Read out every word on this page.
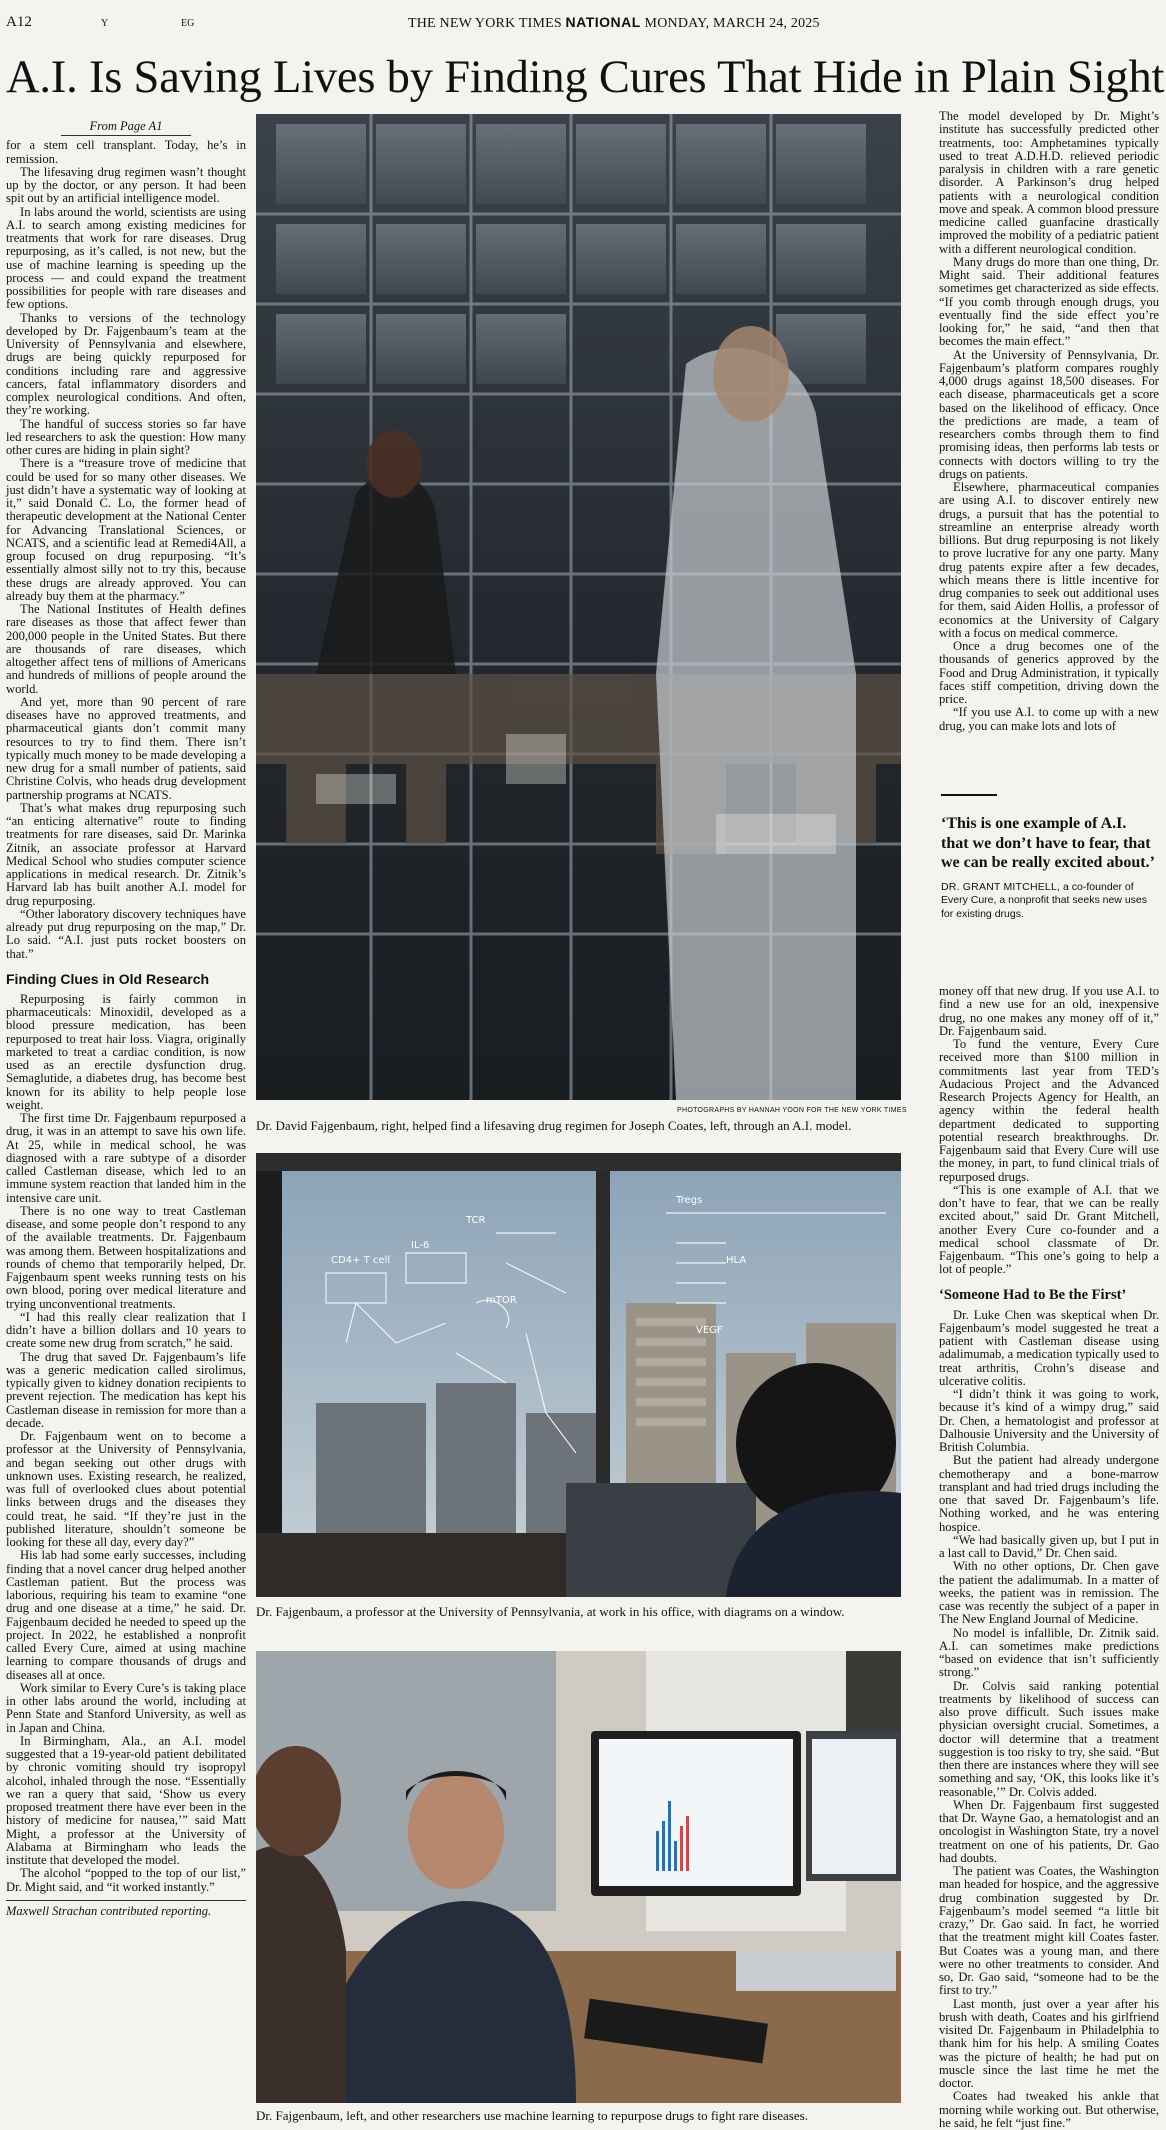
A12	Y	EG	THE NEW YORK TIMES NATIONAL MONDAY, MARCH 24, 2025
A.I. Is Saving Lives by Finding Cures That Hide in Plain Sight
From Page A1

for a stem cell transplant. Today, he’s in remission.

The lifesaving drug regimen wasn’t thought up by the doctor, or any person. It had been spit out by an artificial intelligence model.

In labs around the world, scientists are using A.I. to search among existing medicines for treatments that work for rare diseases. Drug repurposing, as it’s called, is not new, but the use of machine learning is speeding up the process — and could expand the treatment possibilities for people with rare diseases and few options.

Thanks to versions of the technology developed by Dr. Fajgenbaum’s team at the University of Pennsylvania and elsewhere, drugs are being quickly repurposed for conditions including rare and aggressive cancers, fatal inflammatory disorders and complex neurological conditions. And often, they’re working.

The handful of success stories so far have led researchers to ask the question: How many other cures are hiding in plain sight?

There is a “treasure trove of medicine that could be used for so many other diseases. We just didn’t have a systematic way of looking at it,” said Donald C. Lo, the former head of therapeutic development at the National Center for Advancing Translational Sciences, or NCATS, and a scientific lead at Remedi4All, a group focused on drug repurposing. “It’s essentially almost silly not to try this, because these drugs are already approved. You can already buy them at the pharmacy.”

The National Institutes of Health defines rare diseases as those that affect fewer than 200,000 people in the United States. But there are thousands of rare diseases, which altogether affect tens of millions of Americans and hundreds of millions of people around the world.

And yet, more than 90 percent of rare diseases have no approved treatments, and pharmaceutical giants don’t commit many resources to try to find them. There isn’t typically much money to be made developing a new drug for a small number of patients, said Christine Colvis, who heads drug development partnership programs at NCATS.

That’s what makes drug repurposing such “an enticing alternative” route to finding treatments for rare diseases, said Dr. Marinka Zitnik, an associate professor at Harvard Medical School who studies computer science applications in medical research. Dr. Zitnik’s Harvard lab has built another A.I. model for drug repurposing.

“Other laboratory discovery techniques have already put drug repurposing on the map,” Dr. Lo said. “A.I. just puts rocket boosters on that.”

Finding Clues in Old Research

Repurposing is fairly common in pharmaceuticals: Minoxidil, developed as a blood pressure medication, has been repurposed to treat hair loss. Viagra, originally marketed to treat a cardiac condition, is now used as an erectile dysfunction drug. Semaglutide, a diabetes drug, has become best known for its ability to help people lose weight.

The first time Dr. Fajgenbaum repurposed a drug, it was in an attempt to save his own life. At 25, while in medical school, he was diagnosed with a rare subtype of a disorder called Castleman disease, which led to an immune system reaction that landed him in the intensive care unit.

There is no one way to treat Castleman disease, and some people don’t respond to any of the available treatments. Dr. Fajgenbaum was among them. Between hospitalizations and rounds of chemo that temporarily helped, Dr. Fajgenbaum spent weeks running tests on his own blood, poring over medical literature and trying unconventional treatments.

“I had this really clear realization that I didn’t have a billion dollars and 10 years to create some new drug from scratch,” he said.

The drug that saved Dr. Fajgenbaum’s life was a generic medication called sirolimus, typically given to kidney donation recipients to prevent rejection. The medication has kept his Castleman disease in remission for more than a decade.

Dr. Fajgenbaum went on to become a professor at the University of Pennsylvania, and began seeking out other drugs with unknown uses. Existing research, he realized, was full of overlooked clues about potential links between drugs and the diseases they could treat, he said. “If they’re just in the published literature, shouldn’t someone be looking for these all day, every day?”

His lab had some early successes, including finding that a novel cancer drug helped another Castleman patient. But the process was laborious, requiring his team to examine “one drug and one disease at a time,” he said. Dr. Fajgenbaum decided he needed to speed up the project. In 2022, he established a nonprofit called Every Cure, aimed at using machine learning to compare thousands of drugs and diseases all at once.

Work similar to Every Cure’s is taking place in other labs around the world, including at Penn State and Stanford University, as well as in Japan and China.

In Birmingham, Ala., an A.I. model suggested that a 19-year-old patient debilitated by chronic vomiting should try isopropyl alcohol, inhaled through the nose. “Essentially we ran a query that said, ‘Show us every proposed treatment there have ever been in the history of medicine for nausea,’” said Matt Might, a professor at the University of Alabama at Birmingham who leads the institute that developed the model.

The alcohol “popped to the top of our list,” Dr. Might said, and “it worked instantly.”

Maxwell Strachan contributed reporting.
PHOTOGRAPHS BY HANNAH YOON FOR THE NEW YORK TIMES
Dr. David Fajgenbaum, right, helped find a lifesaving drug regimen for Joseph Coates, left, through an A.I. model.
Tregs
TCR
CD4+ T cell
IL-6
mTOR
VEGF
HLA
Dr. Fajgenbaum, a professor at the University of Pennsylvania, at work in his office, with diagrams on a window.
Dr. Fajgenbaum, left, and other researchers use machine learning to repurpose drugs to fight rare diseases.

The model developed by Dr. Might’s institute has successfully predicted other treatments, too: Amphetamines typically used to treat A.D.H.D. relieved periodic paralysis in children with a rare genetic disorder. A Parkinson’s drug helped patients with a neurological condition move and speak. A common blood pressure medicine called guanfacine drastically improved the mobility of a pediatric patient with a different neurological condition.

Many drugs do more than one thing, Dr. Might said. Their additional features sometimes get characterized as side effects. “If you comb through enough drugs, you eventually find the side effect you’re looking for,” he said, “and then that becomes the main effect.”

At the University of Pennsylvania, Dr. Fajgenbaum’s platform compares roughly 4,000 drugs against 18,500 diseases. For each disease, pharmaceuticals get a score based on the likelihood of efficacy. Once the predictions are made, a team of researchers combs through them to find promising ideas, then performs lab tests or connects with doctors willing to try the drugs on patients.

Elsewhere, pharmaceutical companies are using A.I. to discover entirely new drugs, a pursuit that has the potential to streamline an enterprise already worth billions. But drug repurposing is not likely to prove lucrative for any one party. Many drug patents expire after a few decades, which means there is little incentive for drug companies to seek out additional uses for them, said Aiden Hollis, a professor of economics at the University of Calgary with a focus on medical commerce.

Once a drug becomes one of the thousands of generics approved by the Food and Drug Administration, it typically faces stiff competition, driving down the price.

“If you use A.I. to come up with a new drug, you can make lots and lots of

‘This is one example of A.I. that we don’t have to fear, that we can be really excited about.’
DR. GRANT MITCHELL, a co-founder of Every Cure, a nonprofit that seeks new uses for existing drugs.

money off that new drug. If you use A.I. to find a new use for an old, inexpensive drug, no one makes any money off of it,” Dr. Fajgenbaum said.

To fund the venture, Every Cure received more than $100 million in commitments last year from TED’s Audacious Project and the Advanced Research Projects Agency for Health, an agency within the federal health department dedicated to supporting potential research breakthroughs. Dr. Fajgenbaum said that Every Cure will use the money, in part, to fund clinical trials of repurposed drugs.

“This is one example of A.I. that we don’t have to fear, that we can be really excited about,” said Dr. Grant Mitchell, another Every Cure co-founder and a medical school classmate of Dr. Fajgenbaum. “This one’s going to help a lot of people.”

‘Someone Had to Be the First’

Dr. Luke Chen was skeptical when Dr. Fajgenbaum’s model suggested he treat a patient with Castleman disease using adalimumab, a medication typically used to treat arthritis, Crohn’s disease and ulcerative colitis.

“I didn’t think it was going to work, because it’s kind of a wimpy drug,” said Dr. Chen, a hematologist and professor at Dalhousie University and the University of British Columbia.

But the patient had already undergone chemotherapy and a bone-marrow transplant and had tried drugs including the one that saved Dr. Fajgenbaum’s life. Nothing worked, and he was entering hospice.

“We had basically given up, but I put in a last call to David,” Dr. Chen said.

With no other options, Dr. Chen gave the patient the adalimumab. In a matter of weeks, the patient was in remission. The case was recently the subject of a paper in The New England Journal of Medicine.

No model is infallible, Dr. Zitnik said. A.I. can sometimes make predictions “based on evidence that isn’t sufficiently strong.”

Dr. Colvis said ranking potential treatments by likelihood of success can also prove difficult. Such issues make physician oversight crucial. Sometimes, a doctor will determine that a treatment suggestion is too risky to try, she said. “But then there are instances where they will see something and say, ‘OK, this looks like it’s reasonable,’” Dr. Colvis added.

When Dr. Fajgenbaum first suggested that Dr. Wayne Gao, a hematologist and an oncologist in Washington State, try a novel treatment on one of his patients, Dr. Gao had doubts.

The patient was Coates, the Washington man headed for hospice, and the aggressive drug combination suggested by Dr. Fajgenbaum’s model seemed “a little bit crazy,” Dr. Gao said. In fact, he worried that the treatment might kill Coates faster. But Coates was a young man, and there were no other treatments to consider. And so, Dr. Gao said, “someone had to be the first to try.”

Last month, just over a year after his brush with death, Coates and his girlfriend visited Dr. Fajgenbaum in Philadelphia to thank him for his help. A smiling Coates was the picture of health; he had put on muscle since the last time he met the doctor.

Coates had tweaked his ankle that morning while working out. But otherwise, he said, he felt “just fine.”
